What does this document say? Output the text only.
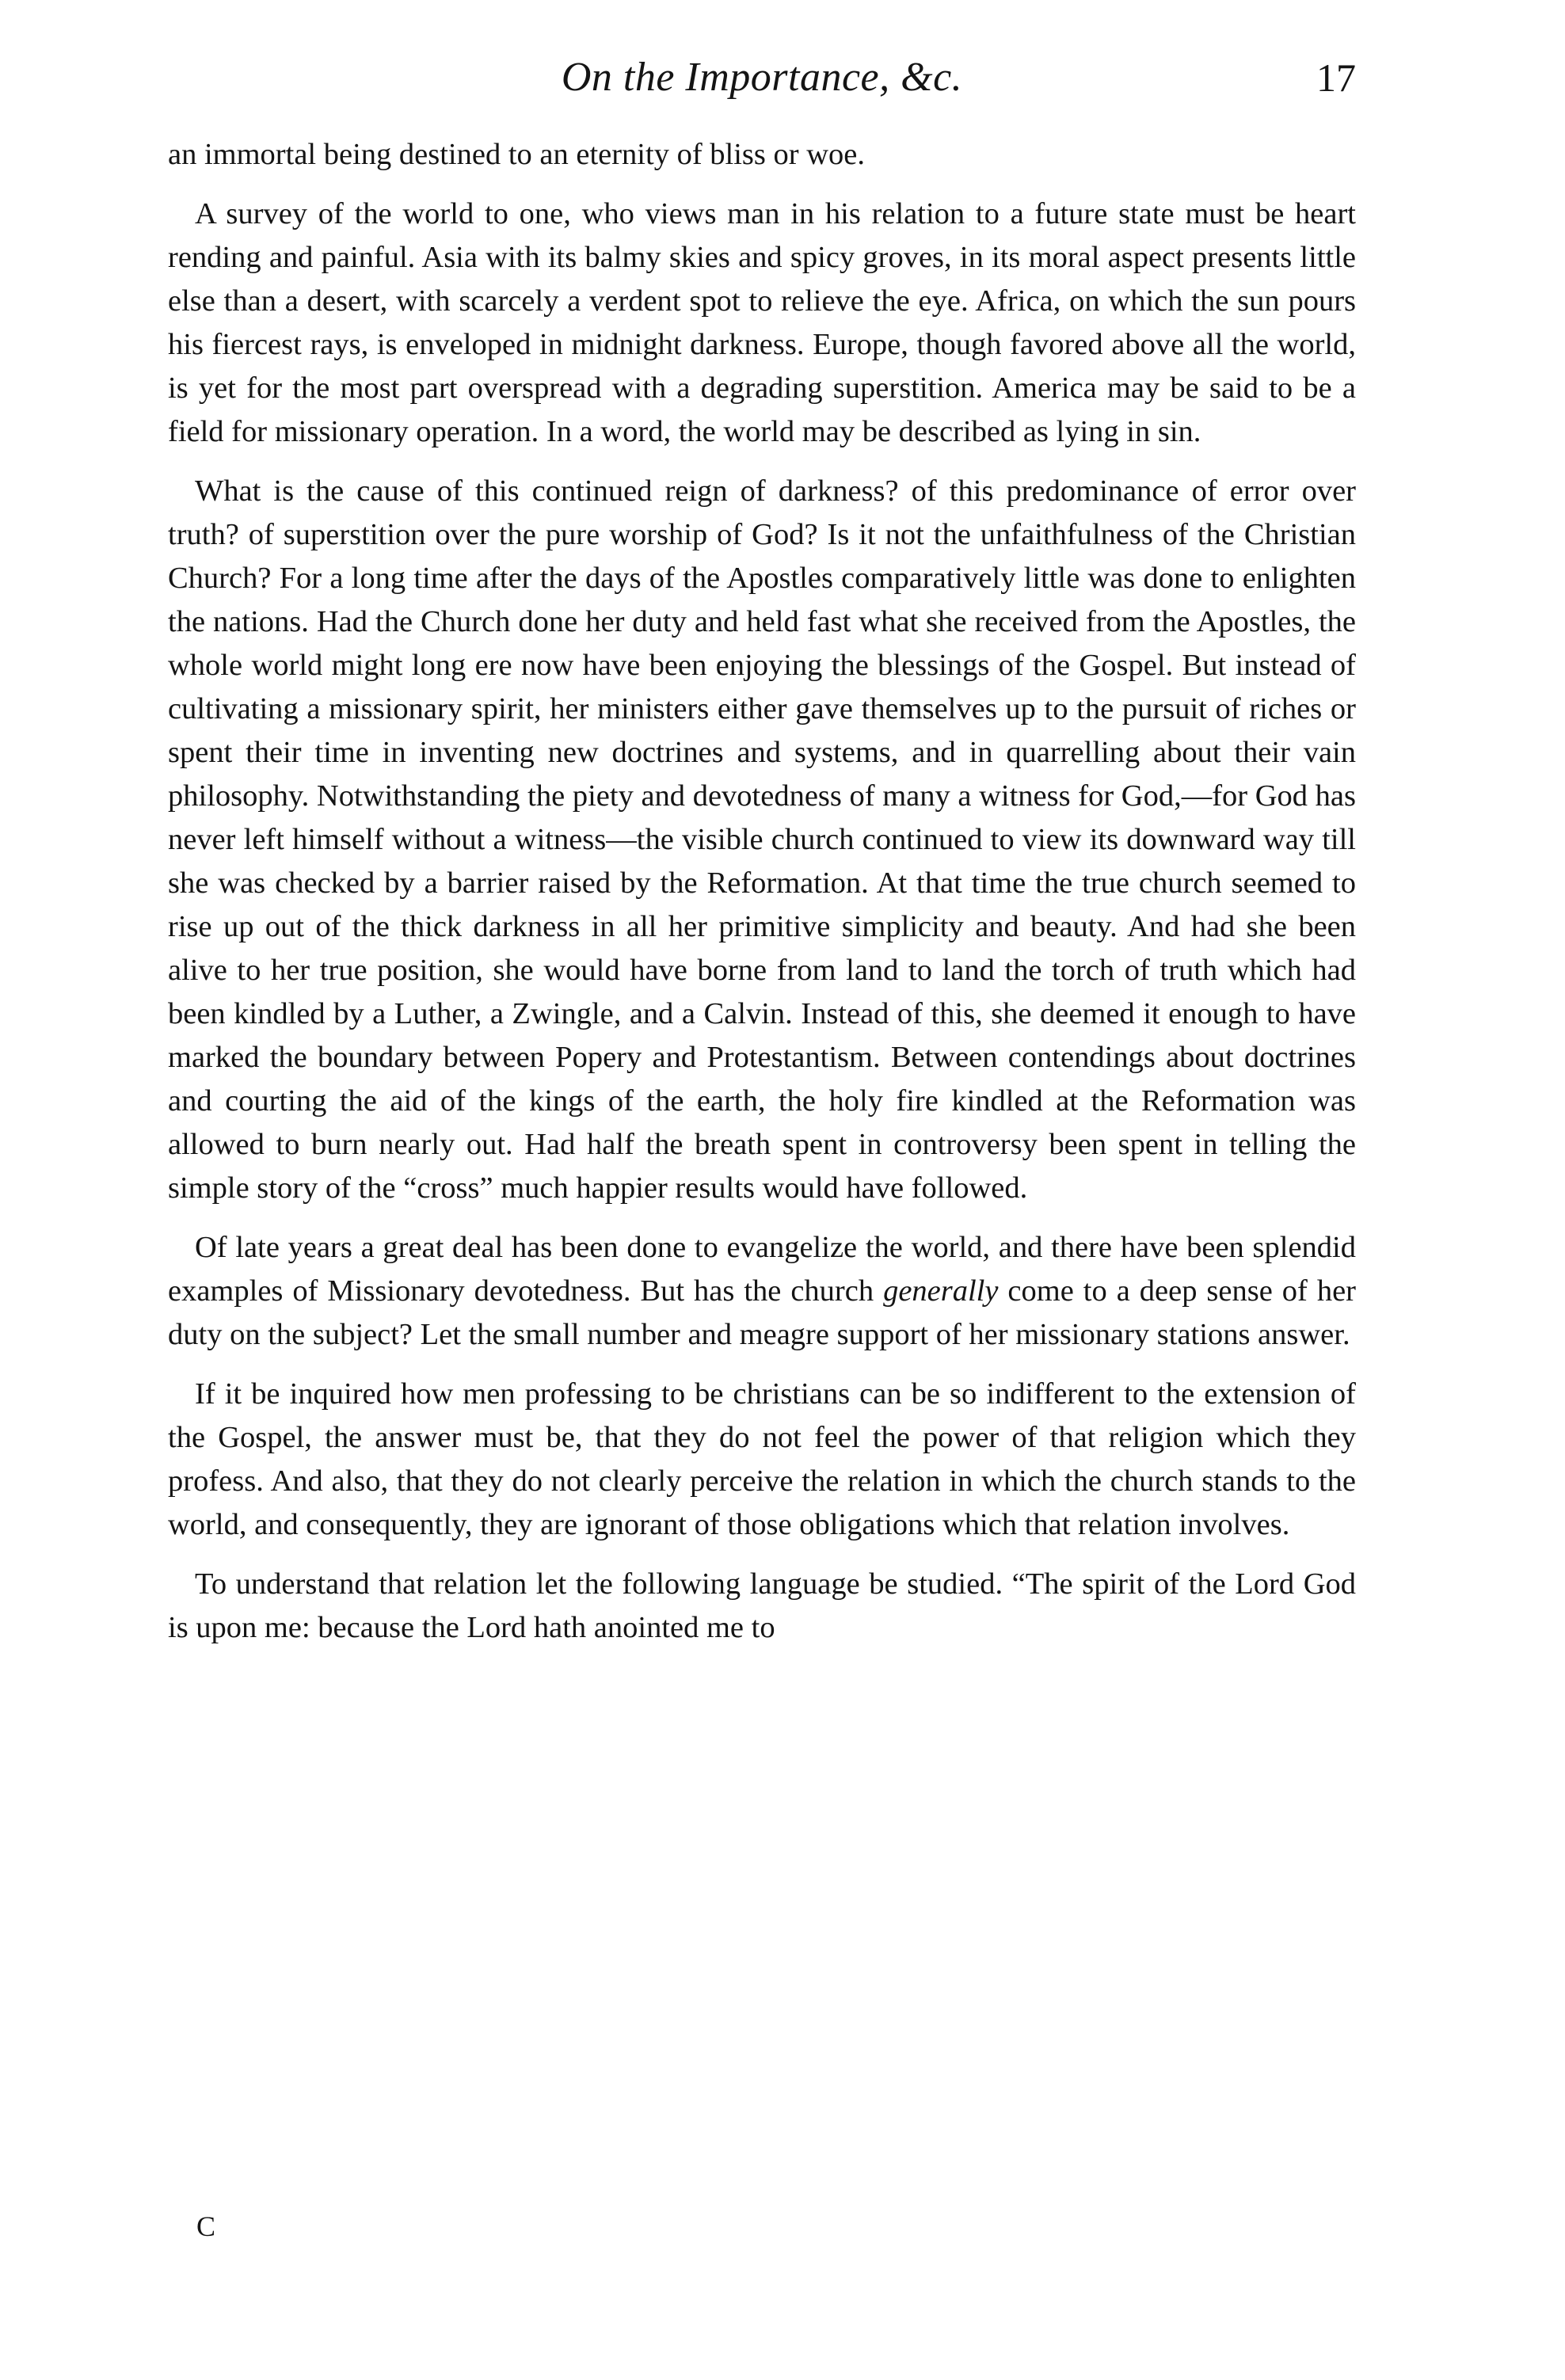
On the Importance, &c.	17

an immortal being destined to an eternity of bliss or woe.

A survey of the world to one, who views man in his relation to a future state must be heart rending and painful. Asia with its balmy skies and spicy groves, in its moral aspect presents little else than a desert, with scarcely a verdent spot to relieve the eye. Africa, on which the sun pours his fiercest rays, is enveloped in midnight darkness. Europe, though favored above all the world, is yet for the most part overspread with a degrading superstition. America may be said to be a field for missionary operation. In a word, the world may be described as lying in sin.

What is the cause of this continued reign of darkness? of this predominance of error over truth? of superstition over the pure worship of God? Is it not the unfaithfulness of the Christian Church? For a long time after the days of the Apostles comparatively little was done to enlighten the nations. Had the Church done her duty and held fast what she received from the Apostles, the whole world might long ere now have been enjoying the blessings of the Gospel. But instead of cultivating a missionary spirit, her ministers either gave themselves up to the pursuit of riches or spent their time in inventing new doctrines and systems, and in quarrelling about their vain philosophy. Notwithstanding the piety and devotedness of many a witness for God,—for God has never left himself without a witness—the visible church continued to view its downward way till she was checked by a barrier raised by the Reformation. At that time the true church seemed to rise up out of the thick darkness in all her primitive simplicity and beauty. And had she been alive to her true position, she would have borne from land to land the torch of truth which had been kindled by a Luther, a Zwingle, and a Calvin. Instead of this, she deemed it enough to have marked the boundary between Popery and Protestantism. Between contendings about doctrines and courting the aid of the kings of the earth, the holy fire kindled at the Reformation was allowed to burn nearly out. Had half the breath spent in controversy been spent in telling the simple story of the “cross” much happier results would have followed.

Of late years a great deal has been done to evangelize the world, and there have been splendid examples of Missionary devotedness. But has the church generally come to a deep sense of her duty on the subject? Let the small number and meagre support of her missionary stations answer.

If it be inquired how men professing to be christians can be so indifferent to the extension of the Gospel, the answer must be, that they do not feel the power of that religion which they profess. And also, that they do not clearly perceive the relation in which the church stands to the world, and consequently, they are ignorant of those obligations which that relation involves.

To understand that relation let the following language be studied. “The spirit of the Lord God is upon me: because the Lord hath anointed me to

C
